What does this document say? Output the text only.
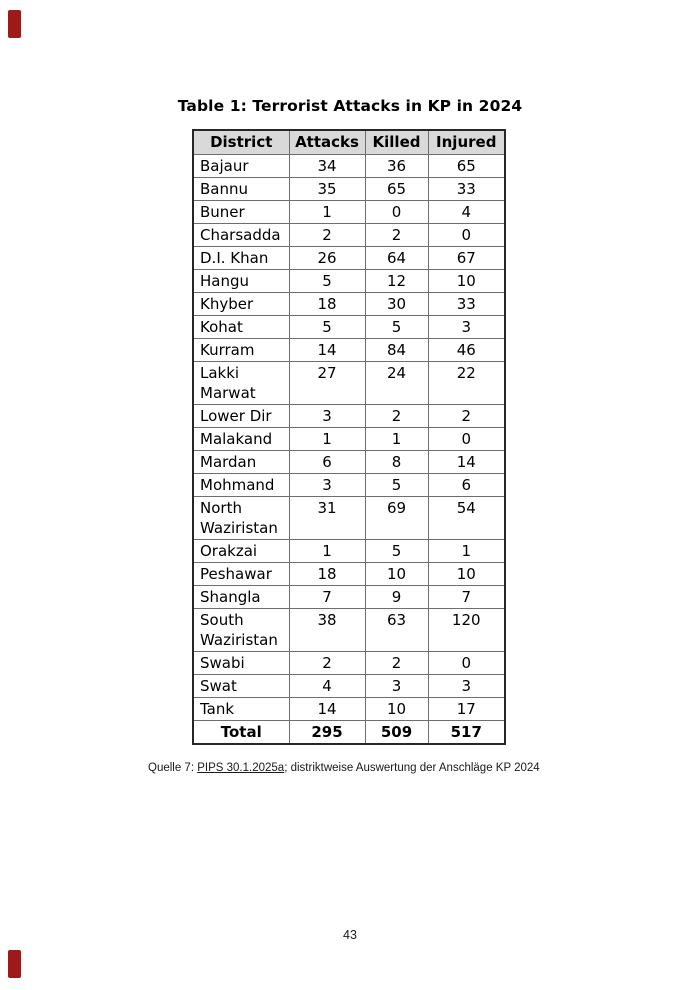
Table 1: Terrorist Attacks in KP in 2024
District	Attacks	Killed	Injured
Bajaur	34	36	65
Bannu	35	65	33
Buner	1	0	4
Charsadda	2	2	0
D.I. Khan	26	64	67
Hangu	5	12	10
Khyber	18	30	33
Kohat	5	5	3
Kurram	14	84	46
Lakki Marwat	27	24	22
Lower Dir	3	2	2
Malakand	1	1	0
Mardan	6	8	14
Mohmand	3	5	6
North Waziristan	31	69	54
Orakzai	1	5	1
Peshawar	18	10	10
Shangla	7	9	7
South Waziristan	38	63	120
Swabi	2	2	0
Swat	4	3	3
Tank	14	10	17
Total	295	509	517

Quelle 7: PIPS 30.1.2025a; distriktweise Auswertung der Anschläge KP 2024

43
